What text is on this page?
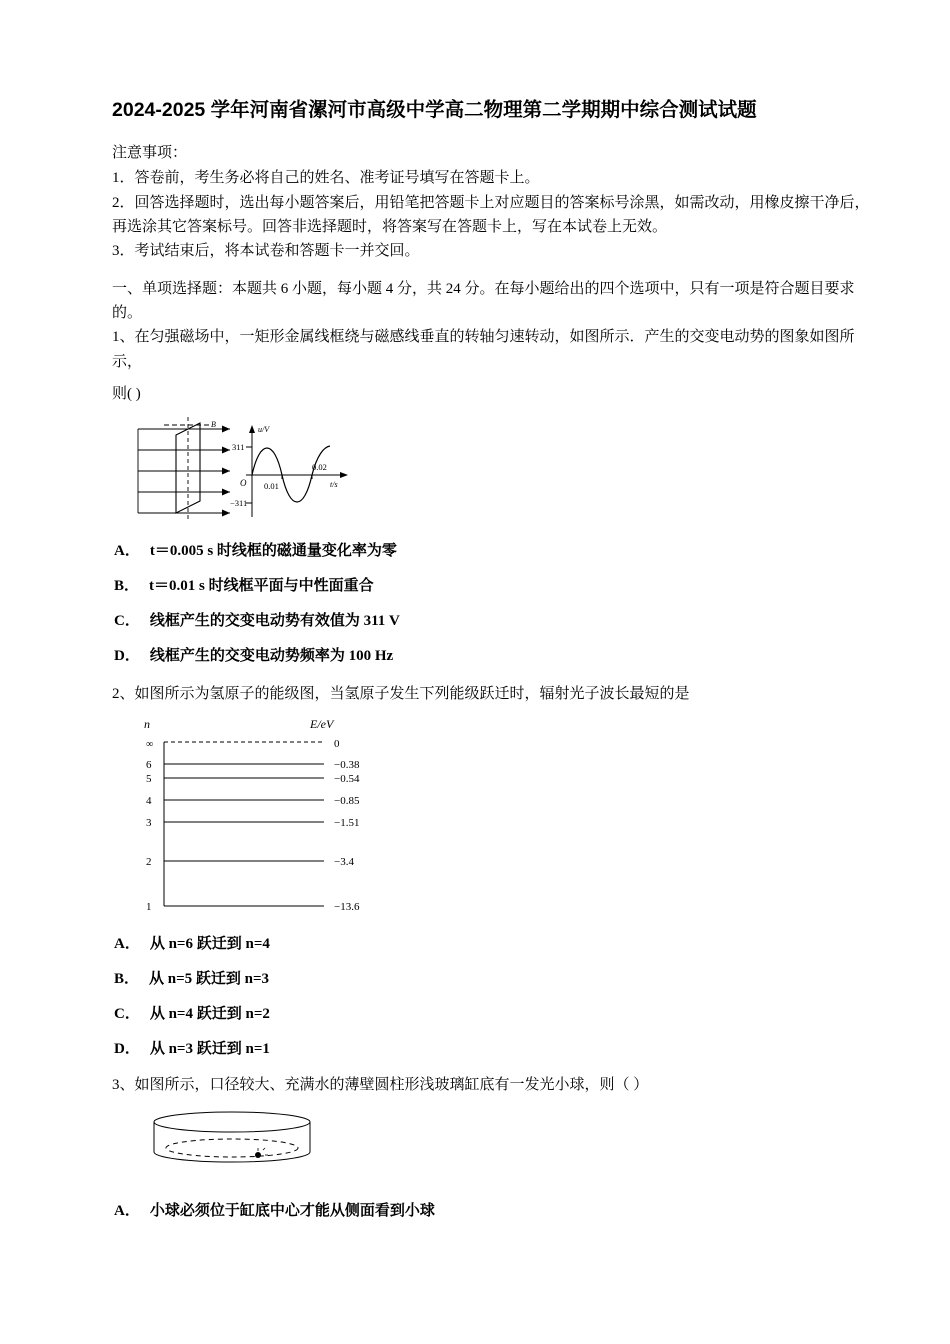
2024-2025 学年河南省漯河市高级中学高二物理第二学期期中综合测试试题

注意事项：

1．答卷前，考生务必将自己的姓名、准考证号填写在答题卡上。

2．回答选择题时，选出每小题答案后，用铅笔把答题卡上对应题目的答案标号涂黑，如需改动，用橡皮擦干净后，再选涂其它答案标号。回答非选择题时，将答案写在答题卡上，写在本试卷上无效。

3．考试结束后，将本试卷和答题卡一并交回。

一、单项选择题：本题共 6 小题，每小题 4 分，共 24 分。在每小题给出的四个选项中，只有一项是符合题目要求的。

1、在匀强磁场中，一矩形金属线框绕与磁感线垂直的转轴匀速转动，如图所示．产生的交变电动势的图象如图所示，

则( )

B
u/V
311
−311
O 0.01
0.02
t/s

A． t＝0.005 s 时线框的磁通量变化率为零

B． t＝0.01 s 时线框平面与中性面重合

C． 线框产生的交变电动势有效值为 311 V

D． 线框产生的交变电动势频率为 100 Hz

2、如图所示为氢原子的能级图，当氢原子发生下列能级跃迁时，辐射光子波长最短的是

n	E/eV
∞
6
5
4
3
2
1
0
−0.38
−0.54
−0.85
−1.51
−3.4
−13.6

A． 从 n=6 跃迁到 n=4

B． 从 n=5 跃迁到 n=3

C． 从 n=4 跃迁到 n=2

D． 从 n=3 跃迁到 n=1

3、如图所示，口径较大、充满水的薄壁圆柱形浅玻璃缸底有一发光小球，则（ ）

A． 小球必须位于缸底中心才能从侧面看到小球
